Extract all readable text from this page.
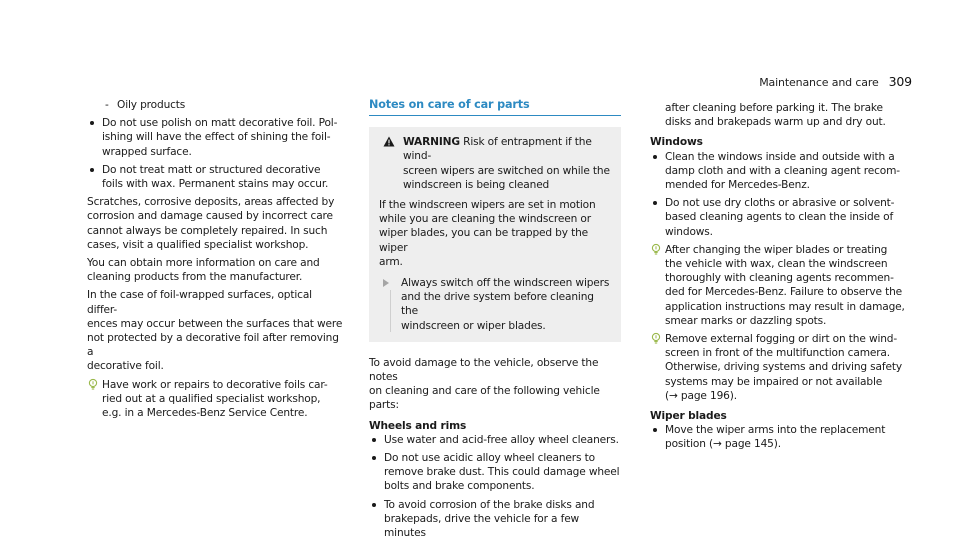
Maintenance and care 309
- Oily products
Do not use polish on matt decorative foil. Pol-
ishing will have the effect of shining the foil-
wrapped surface.
Do not treat matt or structured decorative
foils with wax. Permanent stains may occur.

Scratches, corrosive deposits, areas affected by
corrosion and damage caused by incorrect care
cannot always be completely repaired. In such
cases, visit a qualified specialist workshop.

You can obtain more information on care and
cleaning products from the manufacturer.

In the case of foil-wrapped surfaces, optical differ-
ences may occur between the surfaces that were
not protected by a decorative foil after removing a
decorative foil.

Have work or repairs to decorative foils car-
ried out at a qualified specialist workshop,
e.g. in a Mercedes-Benz Service Centre.
Notes on care of car parts
WARNING Risk of entrapment if the wind-
screen wipers are switched on while the
windscreen is being cleaned

If the windscreen wipers are set in motion
while you are cleaning the windscreen or
wiper blades, you can be trapped by the wiper
arm.

Always switch off the windscreen wipers
and the drive system before cleaning the
windscreen or wiper blades.

To avoid damage to the vehicle, observe the notes
on cleaning and care of the following vehicle
parts:

Wheels and rims
Use water and acid-free alloy wheel cleaners.
Do not use acidic alloy wheel cleaners to
remove brake dust. This could damage wheel
bolts and brake components.
To avoid corrosion of the brake disks and
brakepads, drive the vehicle for a few minutes

after cleaning before parking it. The brake
disks and brakepads warm up and dry out.

Windows
Clean the windows inside and outside with a
damp cloth and with a cleaning agent recom-
mended for Mercedes-Benz.
Do not use dry cloths or abrasive or solvent-
based cleaning agents to clean the inside of
windows.
After changing the wiper blades or treating
the vehicle with wax, clean the windscreen
thoroughly with cleaning agents recommen-
ded for Mercedes-Benz. Failure to observe the
application instructions may result in damage,
smear marks or dazzling spots.
Remove external fogging or dirt on the wind-
screen in front of the multifunction camera.
Otherwise, driving systems and driving safety
systems may be impaired or not available
(→ page 196).
Wiper blades
Move the wiper arms into the replacement
position (→ page 145).
